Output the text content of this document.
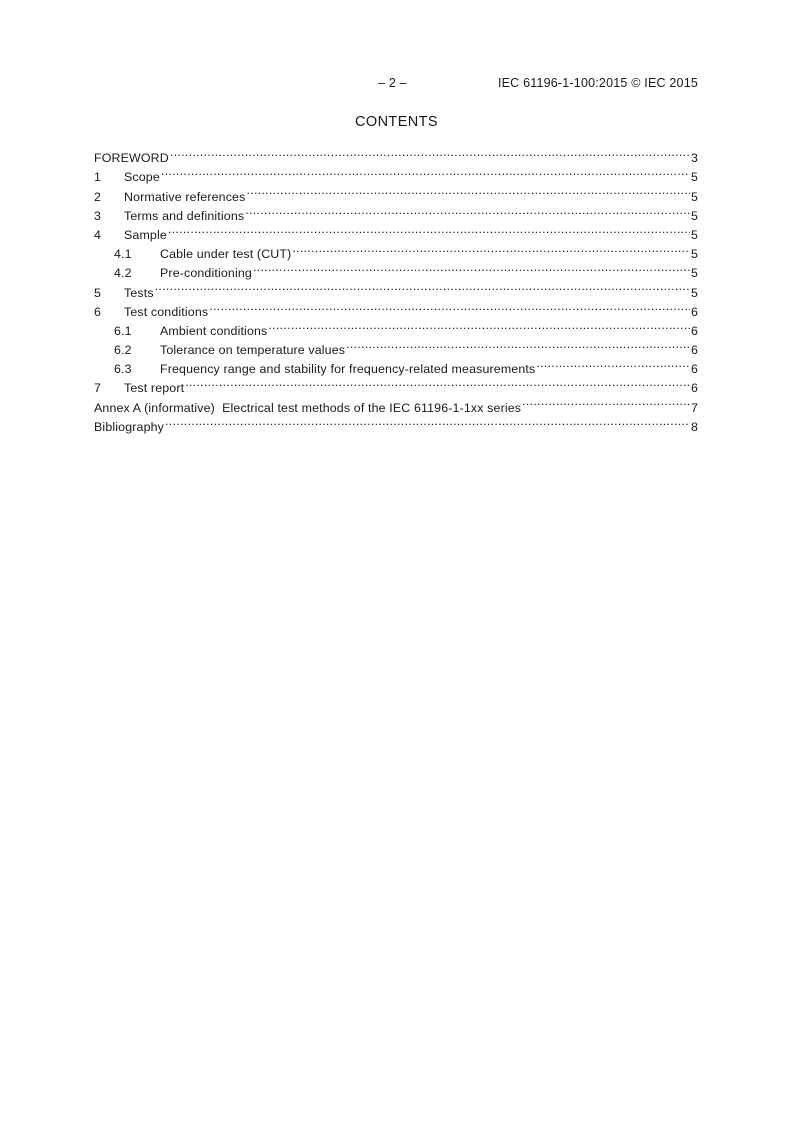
– 2 –	IEC 61196-1-100:2015 © IEC 2015
CONTENTS
FOREWORD .....	3
1	Scope .....	5
2	Normative references .....	5
3	Terms and definitions .....	5
4	Sample .....	5
4.1	Cable under test (CUT) .....	5
4.2	Pre-conditioning .....	5
5	Tests .....	5
6	Test conditions .....	6
6.1	Ambient conditions .....	6
6.2	Tolerance on temperature values .....	6
6.3	Frequency range and stability for frequency-related measurements .....	6
7	Test report .....	6
Annex A (informative)  Electrical test methods of the IEC 61196-1-1xx series .....	7
Bibliography .....	8
